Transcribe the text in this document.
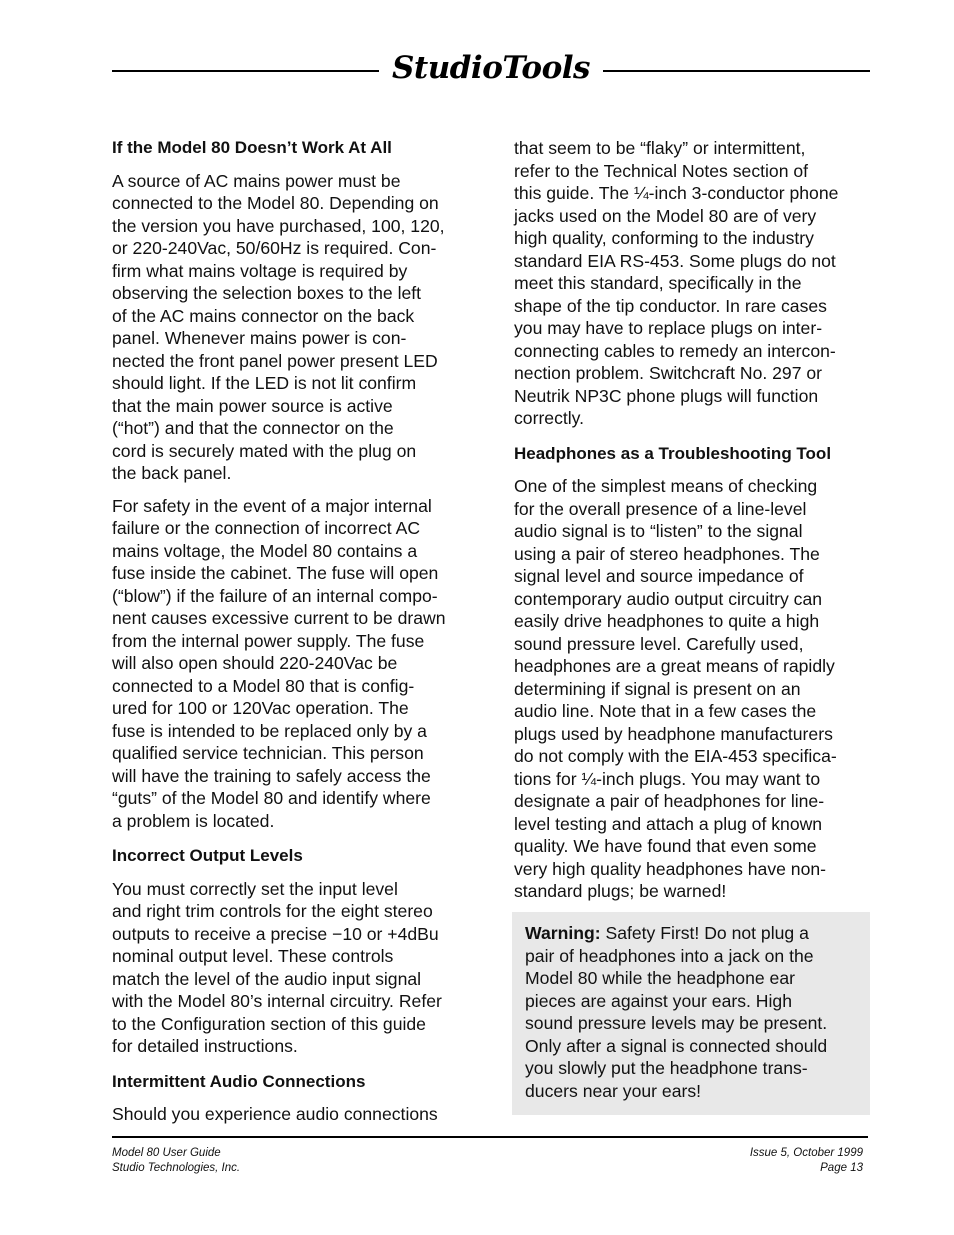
StudioTools
If the Model 80 Doesn’t Work At All
A source of AC mains power must be
connected to the Model 80. Depending on
the version you have purchased, 100, 120,
or 220-240Vac, 50/60Hz is required. Con-
firm what mains voltage is required by
observing the selection boxes to the left
of the AC mains connector on the back
panel. Whenever mains power is con-
nected the front panel power present LED
should light. If the LED is not lit confirm
that the main power source is active
(“hot”) and that the connector on the
cord is securely mated with the plug on
the back panel.
For safety in the event of a major internal
failure or the connection of incorrect AC
mains voltage, the Model 80 contains a
fuse inside the cabinet. The fuse will open
(“blow”) if the failure of an internal compo-
nent causes excessive current to be drawn
from the internal power supply. The fuse
will also open should 220-240Vac be
connected to a Model 80 that is config-
ured for 100 or 120Vac operation. The
fuse is intended to be replaced only by a
qualified service technician. This person
will have the training to safely access the
“guts” of the Model 80 and identify where
a problem is located.
Incorrect Output Levels
You must correctly set the input level
and right trim controls for the eight stereo
outputs to receive a precise −10 or +4dBu
nominal output level. These controls
match the level of the audio input signal
with the Model 80’s internal circuitry. Refer
to the Configuration section of this guide
for detailed instructions.
Intermittent Audio Connections
Should you experience audio connections
that seem to be “flaky” or intermittent,
refer to the Technical Notes section of
this guide. The ¼-inch 3-conductor phone
jacks used on the Model 80 are of very
high quality, conforming to the industry
standard EIA RS-453. Some plugs do not
meet this standard, specifically in the
shape of the tip conductor. In rare cases
you may have to replace plugs on inter-
connecting cables to remedy an intercon-
nection problem. Switchcraft No. 297 or
Neutrik NP3C phone plugs will function
correctly.
Headphones as a Troubleshooting Tool
One of the simplest means of checking
for the overall presence of a line-level
audio signal is to “listen” to the signal
using a pair of stereo headphones. The
signal level and source impedance of
contemporary audio output circuitry can
easily drive headphones to quite a high
sound pressure level. Carefully used,
headphones are a great means of rapidly
determining if signal is present on an
audio line. Note that in a few cases the
plugs used by headphone manufacturers
do not comply with the EIA-453 specifica-
tions for ¼-inch plugs. You may want to
designate a pair of headphones for line-
level testing and attach a plug of known
quality. We have found that even some
very high quality headphones have non-
standard plugs; be warned!
Warning: Safety First! Do not plug a
pair of headphones into a jack on the
Model 80 while the headphone ear
pieces are against your ears. High
sound pressure levels may be present.
Only after a signal is connected should
you slowly put the headphone trans-
ducers near your ears!
Model 80 User Guide
Studio Technologies, Inc.
Issue 5, October 1999
Page 13
